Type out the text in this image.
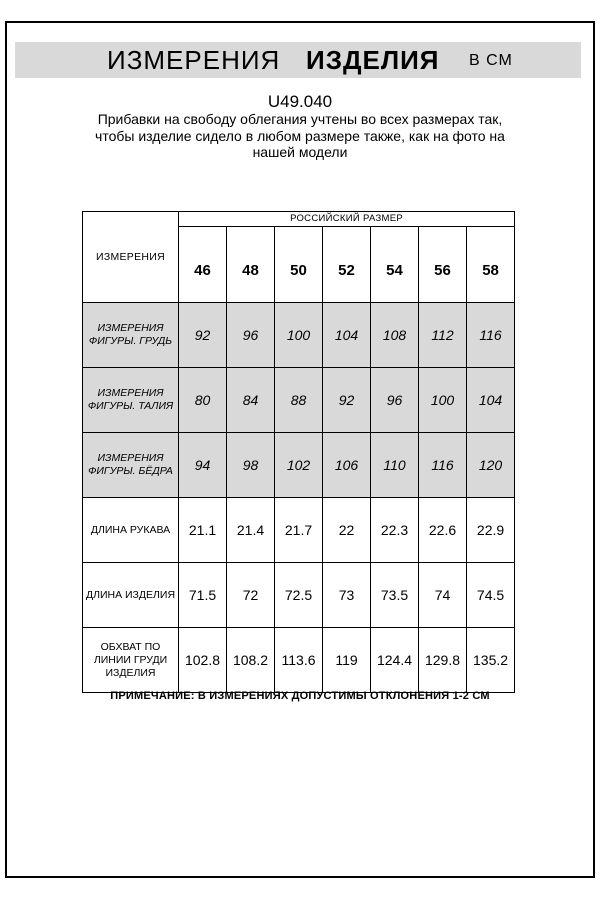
ИЗМЕРЕНИЯ ИЗДЕЛИЯ В СМ
U49.040
Прибавки на свободу облегания учтены во всех размерах так,
чтобы изделие сидело в любом размере также, как на фото на
нашей модели
ИЗМЕРЕНИЯ	РОССИЙСКИЙ РАЗМЕР						
	46	48	50	52	54	56	58

ИЗМЕРЕНИЯ
ФИГУРЫ. ГРУДЬ	92	96	100	104	108	112	116

ИЗМЕРЕНИЯ
ФИГУРЫ. ТАЛИЯ	80	84	88	92	96	100	104

ИЗМЕРЕНИЯ
ФИГУРЫ. БЁДРА	94	98	102	106	110	116	120

ДЛИНА РУКАВА	21.1	21.4	21.7	22	22.3	22.6	22.9

ДЛИНА ИЗДЕЛИЯ	71.5	72	72.5	73	73.5	74	74.5

ОБХВАТ ПО
ЛИНИИ ГРУДИ
ИЗДЕЛИЯ	102.8	108.2	113.6	119	124.4	129.8	135.2
ПРИМЕЧАНИЕ: В ИЗМЕРЕНИЯХ ДОПУСТИМЫ ОТКЛОНЕНИЯ 1-2 СМ
